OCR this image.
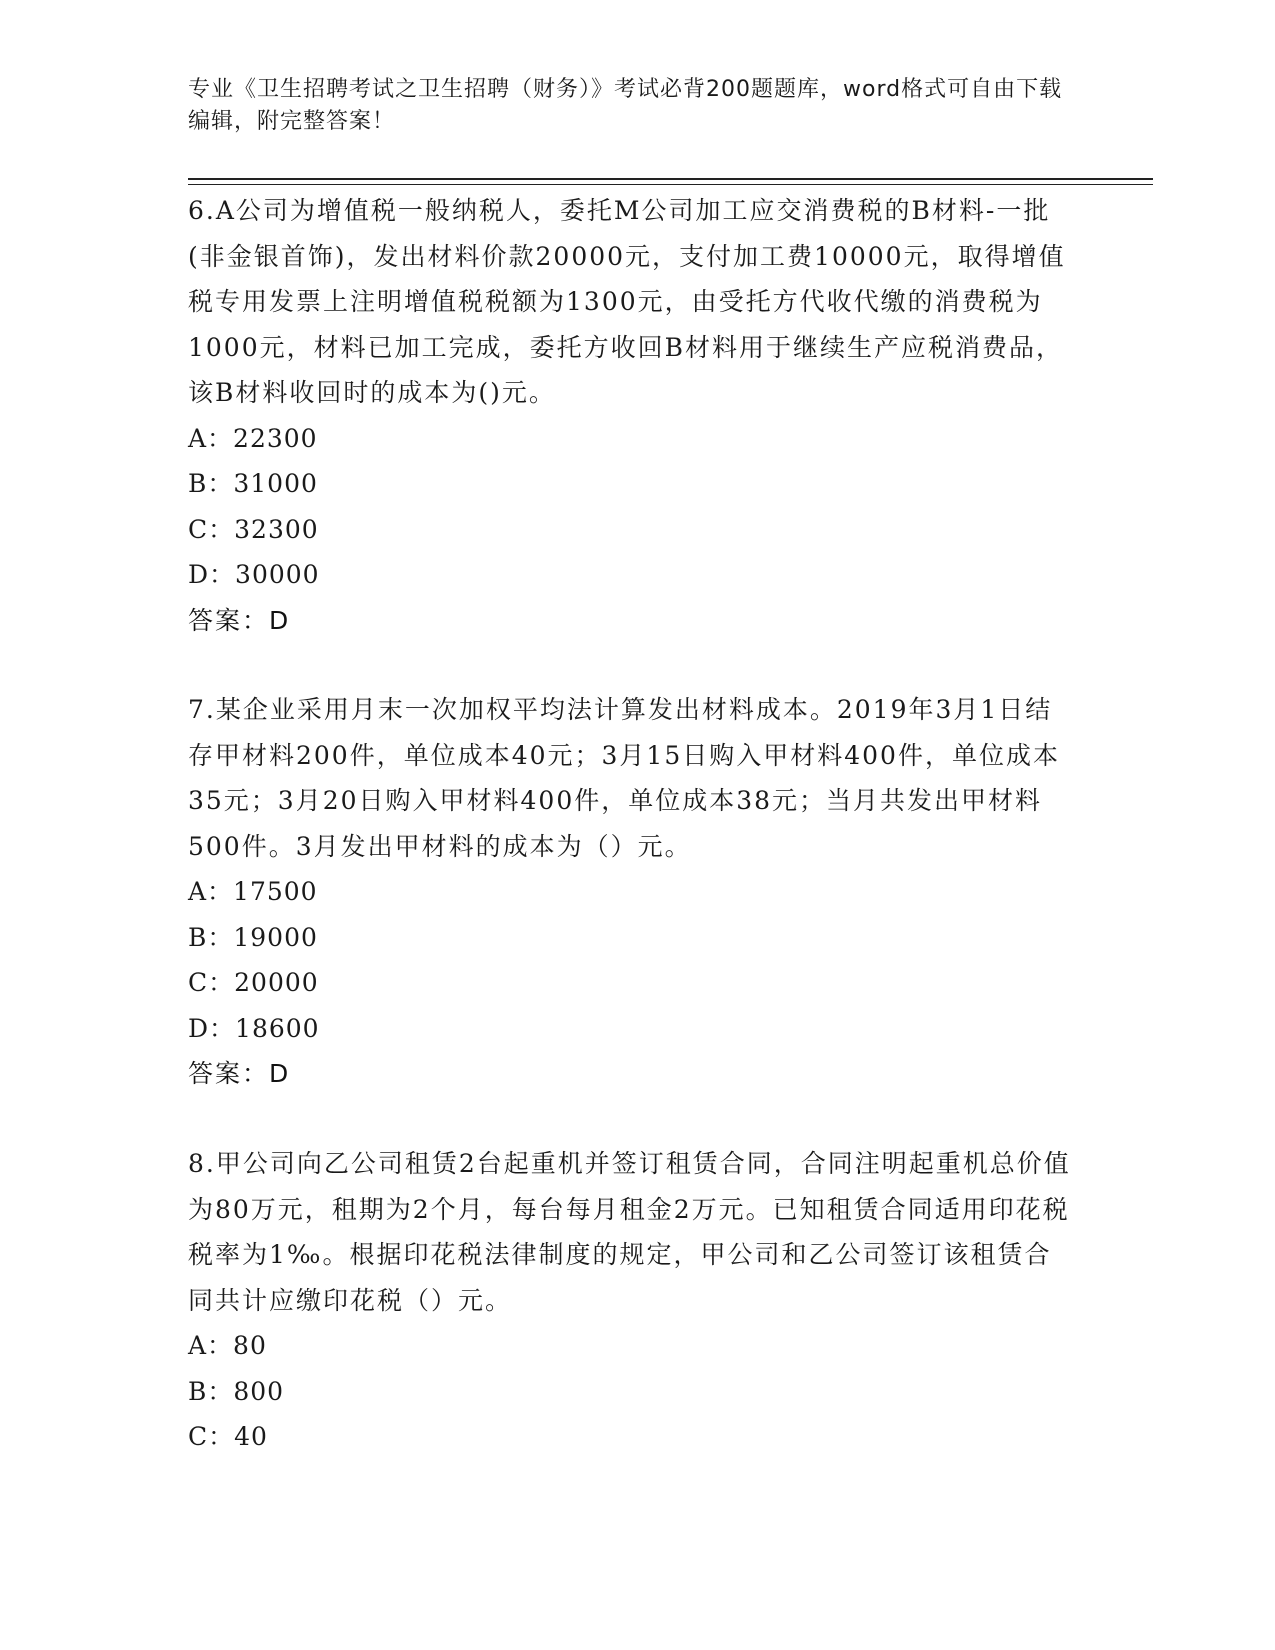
专业《卫生招聘考试之卫生招聘（财务）》考试必背200题题库，word格式可自由下载编辑，附完整答案！

6.A公司为增值税一般纳税人，委托M公司加工应交消费税的B材料-一批(非金银首饰)，发出材料价款20000元，支付加工费10000元，取得增值税专用发票上注明增值税税额为1300元，由受托方代收代缴的消费税为1000元，材料已加工完成，委托方收回B材料用于继续生产应税消费品，该B材料收回时的成本为()元。

A：22300

B：31000

C：32300

D：30000

答案：D

7.某企业采用月末一次加权平均法计算发出材料成本。2019年3月1日结存甲材料200件，单位成本40元；3月15日购入甲材料400件，单位成本35元；3月20日购入甲材料400件，单位成本38元；当月共发出甲材料500件。3月发出甲材料的成本为（）元。

A：17500

B：19000

C：20000

D：18600

答案：D

8.甲公司向乙公司租赁2台起重机并签订租赁合同，合同注明起重机总价值为80万元，租期为2个月，每台每月租金2万元。已知租赁合同适用印花税税率为1‰。根据印花税法律制度的规定，甲公司和乙公司签订该租赁合同共计应缴印花税（）元。

A：80

B：800

C：40
